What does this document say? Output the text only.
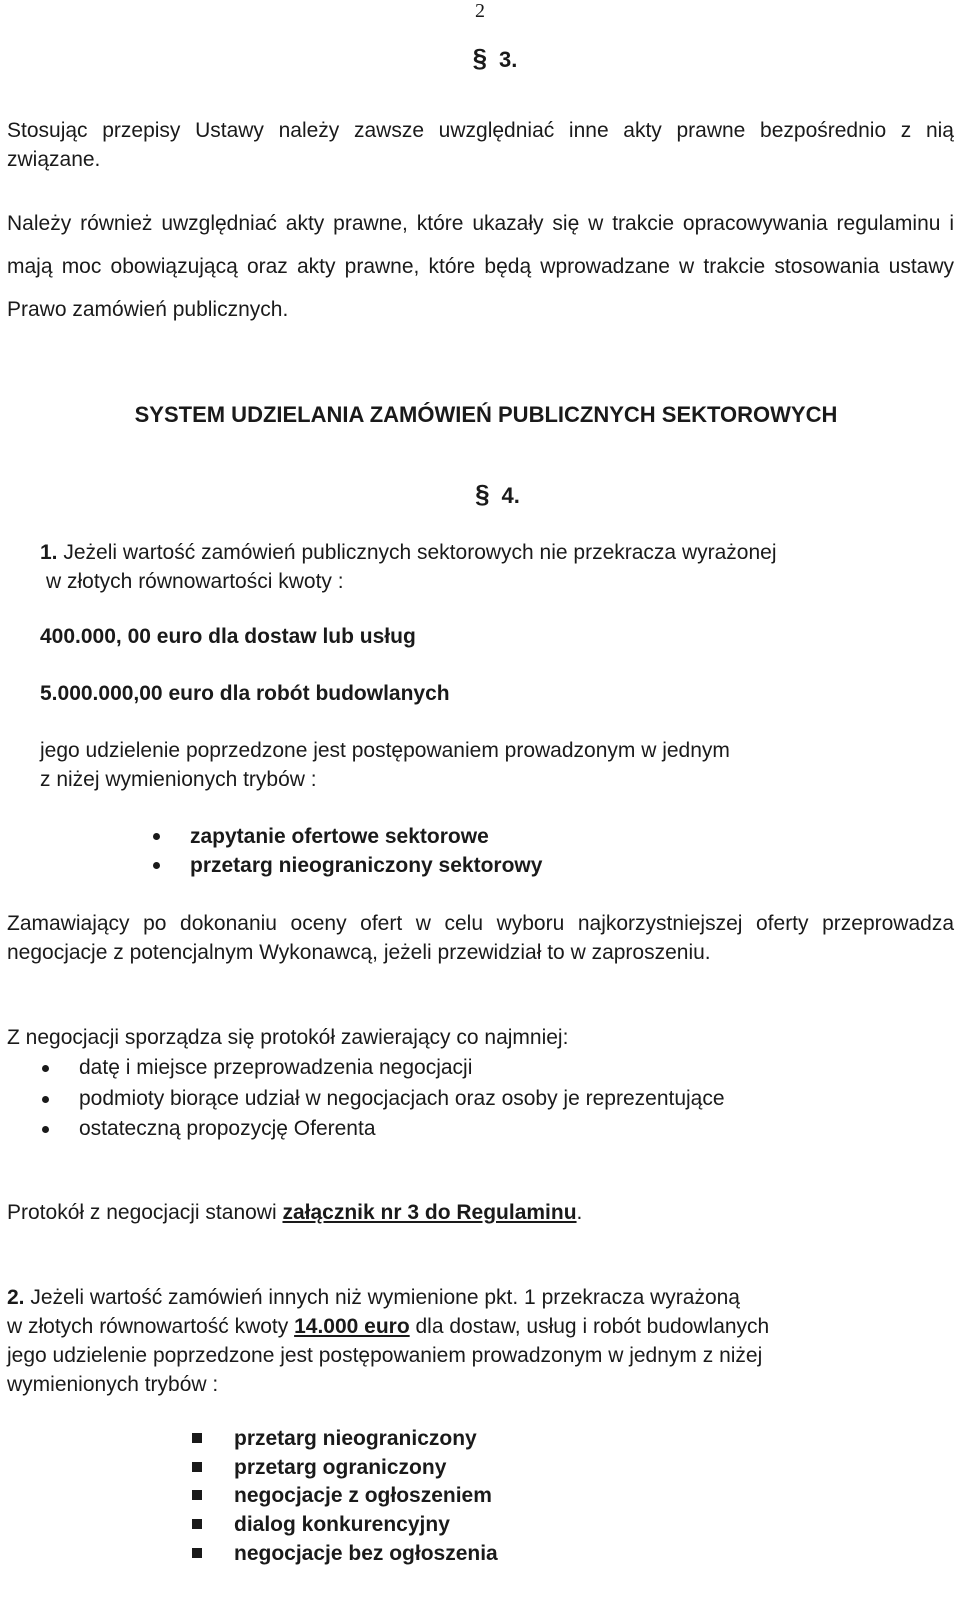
2
§ 3.
Stosując przepisy Ustawy należy zawsze uwzględniać inne akty prawne bezpośrednio z nią związane.
Należy również uwzględniać akty prawne, które ukazały się w trakcie opracowywania regulaminu i mają moc obowiązującą oraz akty prawne, które będą wprowadzane w trakcie stosowania ustawy Prawo zamówień publicznych.
SYSTEM UDZIELANIA ZAMÓWIEŃ PUBLICZNYCH SEKTOROWYCH
§ 4.
1. Jeżeli wartość zamówień publicznych sektorowych nie przekracza wyrażonej
w złotych równowartości kwoty :
400.000, 00 euro dla dostaw lub usług
5.000.000,00 euro dla robót budowlanych
jego udzielenie poprzedzone jest postępowaniem prowadzonym w jednym
z niżej wymienionych trybów :
zapytanie ofertowe sektorowe
przetarg nieograniczony sektorowy
Zamawiający po dokonaniu oceny ofert w celu wyboru najkorzystniejszej oferty przeprowadza negocjacje z potencjalnym Wykonawcą, jeżeli przewidział to w zaproszeniu.
Z negocjacji sporządza się protokół zawierający co najmniej:
datę i miejsce przeprowadzenia negocjacji
podmioty biorące udział w negocjacjach oraz osoby je reprezentujące
ostateczną propozycję Oferenta
Protokół z negocjacji stanowi załącznik nr 3 do Regulaminu.
2. Jeżeli wartość zamówień innych niż wymienione pkt. 1 przekracza wyrażoną
w złotych równowartość kwoty 14.000 euro dla dostaw, usług i robót budowlanych
jego udzielenie poprzedzone jest postępowaniem prowadzonym w jednym z niżej
wymienionych trybów :
przetarg nieograniczony
przetarg ograniczony
negocjacje z ogłoszeniem
dialog konkurencyjny
negocjacje bez ogłoszenia
